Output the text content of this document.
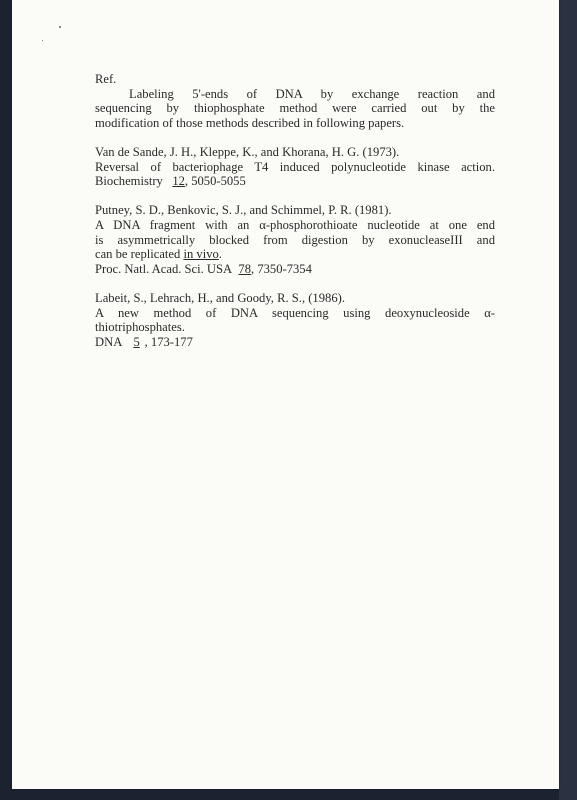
Ref.
Labeling 5'-ends of DNA by exchange reaction and
sequencing by thiophosphate method were carried out by the
modification of those methods described in following papers.
Van de Sande, J. H., Kleppe, K., and Khorana, H. G. (1973).
Reversal of bacteriophage T4 induced polynucleotide kinase action.
Biochemistry 12, 5050-5055
Putney, S. D., Benkovic, S. J., and Schimmel, P. R. (1981).
A DNA fragment with an α-phosphorothioate nucleotide at one end
is asymmetrically blocked from digestion by exonucleaseIII and
can be replicated in vivo.
Proc. Natl. Acad. Sci. USA 78, 7350-7354
Labeit, S., Lehrach, H., and Goody, R. S., (1986).
A new method of DNA sequencing using deoxynucleoside α-
thiotriphosphates.
DNA 5 , 173-177
